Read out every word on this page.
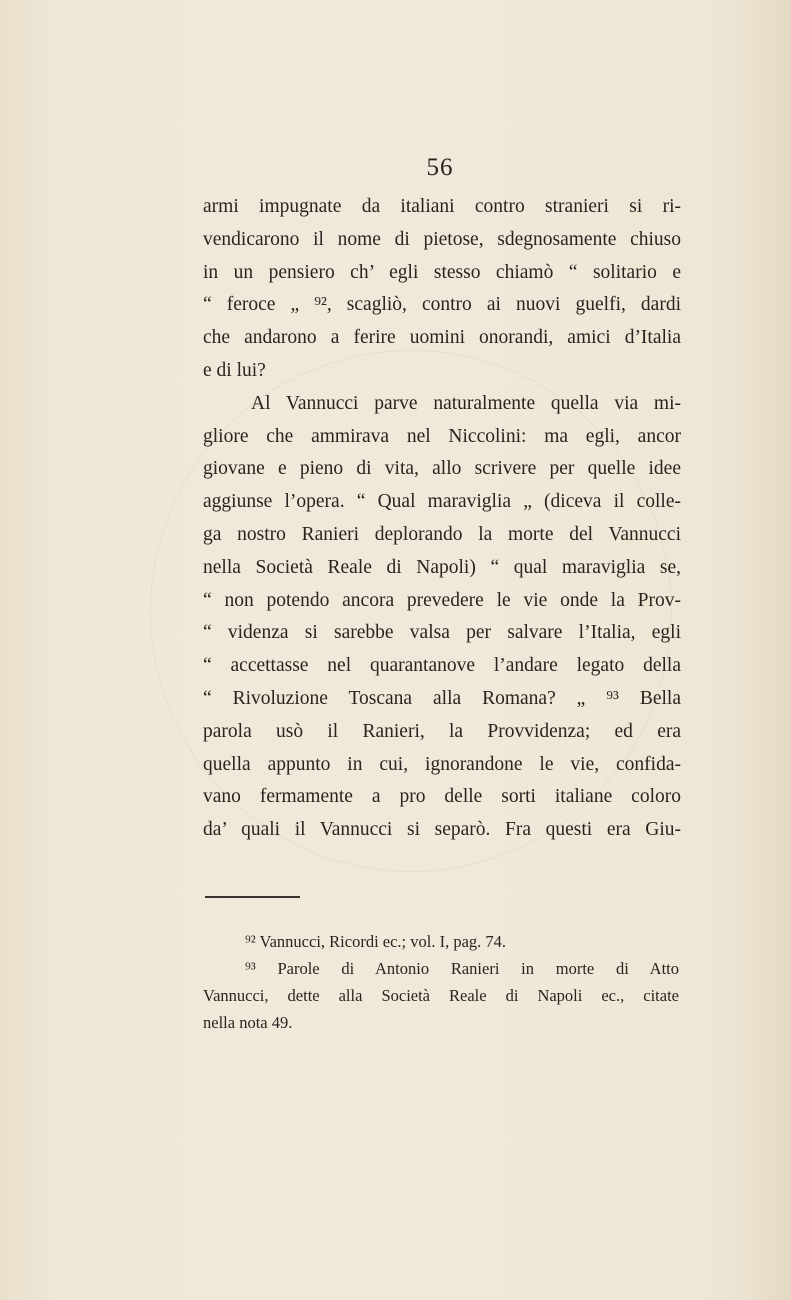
56
armi impugnate da italiani contro stranieri si ri-
vendicarono il nome di pietose, sdegnosamente chiuso
in un pensiero ch’ egli stesso chiamò “ solitario e
“ feroce „ ⁹², scagliò, contro ai nuovi guelfi, dardi
che andarono a ferire uomini onorandi, amici d’Italia
e di lui?
Al Vannucci parve naturalmente quella via mi-
gliore che ammirava nel Niccolini: ma egli, ancor
giovane e pieno di vita, allo scrivere per quelle idee
aggiunse l’opera. “ Qual maraviglia „ (diceva il colle-
ga nostro Ranieri deplorando la morte del Vannucci
nella Società Reale di Napoli) “ qual maraviglia se,
“ non potendo ancora prevedere le vie onde la Prov-
“ videnza si sarebbe valsa per salvare l’Italia, egli
“ accettasse nel quarantanove l’andare legato della
“ Rivoluzione Toscana alla Romana? „ ⁹³ Bella
parola usò il Ranieri, la Provvidenza; ed era
quella appunto in cui, ignorandone le vie, confida-
vano fermamente a pro delle sorti italiane coloro
da’ quali il Vannucci si separò. Fra questi era Giu-
⁹² Vannucci, Ricordi ec.; vol. I, pag. 74.
⁹³ Parole di Antonio Ranieri in morte di Atto
Vannucci, dette alla Società Reale di Napoli ec., citate
nella nota 49.
